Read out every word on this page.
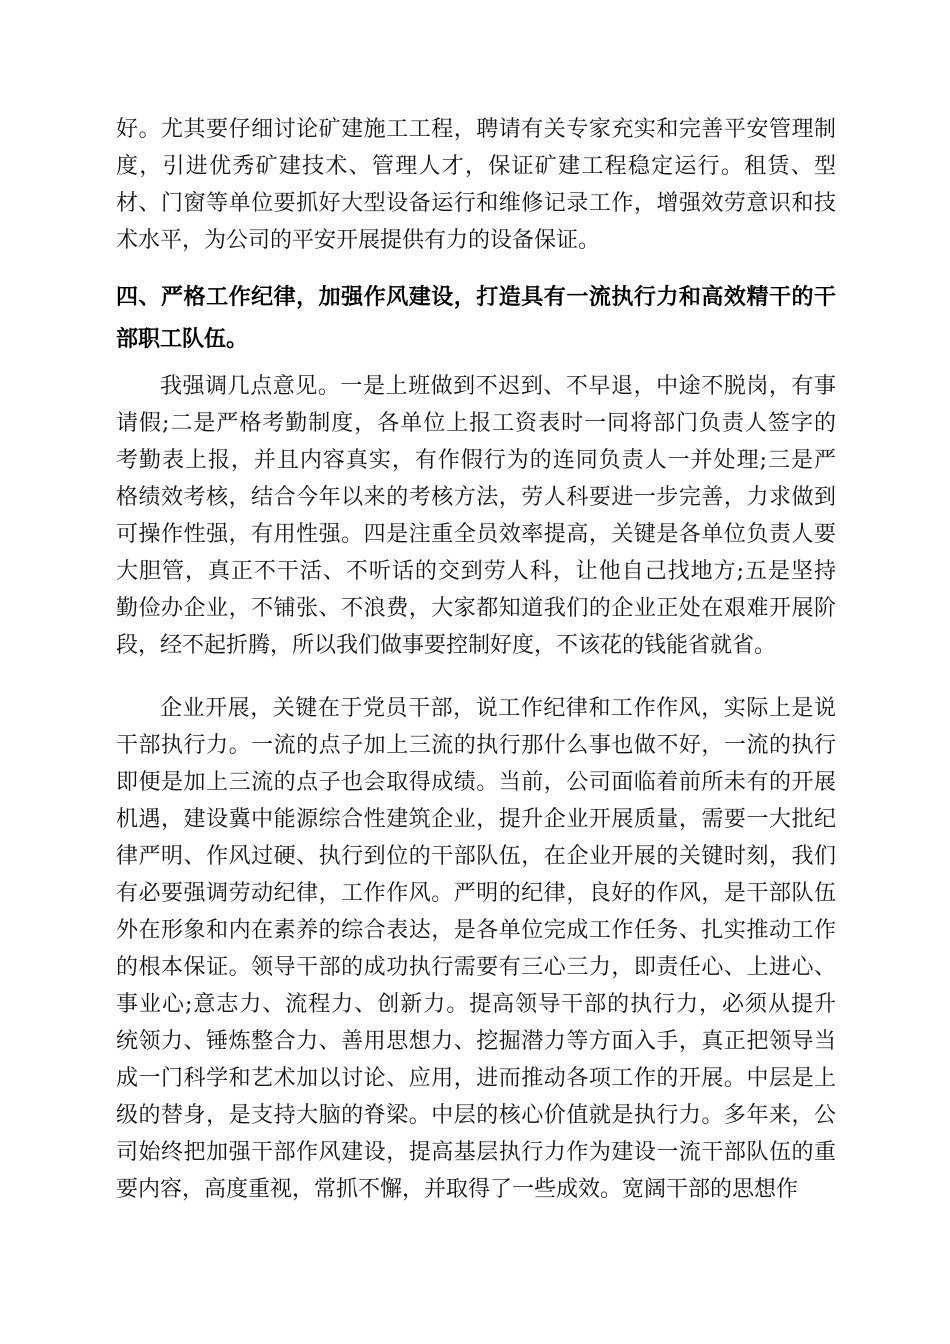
好。尤其要仔细讨论矿建施工工程，聘请有关专家充实和完善平安管理制
度，引进优秀矿建技术、管理人才，保证矿建工程稳定运行。租赁、型
材、门窗等单位要抓好大型设备运行和维修记录工作，增强效劳意识和技
术水平，为公司的平安开展提供有力的设备保证。
四、严格工作纪律，加强作风建设，打造具有一流执行力和高效精干的干
部职工队伍。
我强调几点意见。一是上班做到不迟到、不早退，中途不脱岗，有事
请假;二是严格考勤制度，各单位上报工资表时一同将部门负责人签字的
考勤表上报，并且内容真实，有作假行为的连同负责人一并处理;三是严
格绩效考核，结合今年以来的考核方法，劳人科要进一步完善，力求做到
可操作性强，有用性强。四是注重全员效率提高，关键是各单位负责人要
大胆管，真正不干活、不听话的交到劳人科，让他自己找地方;五是坚持
勤俭办企业，不铺张、不浪费，大家都知道我们的企业正处在艰难开展阶
段，经不起折腾，所以我们做事要控制好度，不该花的钱能省就省。
企业开展，关键在于党员干部，说工作纪律和工作作风，实际上是说
干部执行力。一流的点子加上三流的执行那什么事也做不好，一流的执行
即便是加上三流的点子也会取得成绩。当前，公司面临着前所未有的开展
机遇，建设冀中能源综合性建筑企业，提升企业开展质量，需要一大批纪
律严明、作风过硬、执行到位的干部队伍，在企业开展的关键时刻，我们
有必要强调劳动纪律，工作作风。严明的纪律，良好的作风，是干部队伍
外在形象和内在素养的综合表达，是各单位完成工作任务、扎实推动工作
的根本保证。领导干部的成功执行需要有三心三力，即责任心、上进心、
事业心;意志力、流程力、创新力。提高领导干部的执行力，必须从提升
统领力、锤炼整合力、善用思想力、挖掘潜力等方面入手，真正把领导当
成一门科学和艺术加以讨论、应用，进而推动各项工作的开展。中层是上
级的替身，是支持大脑的脊梁。中层的核心价值就是执行力。多年来，公
司始终把加强干部作风建设，提高基层执行力作为建设一流干部队伍的重
要内容，高度重视，常抓不懈，并取得了一些成效。宽阔干部的思想作
